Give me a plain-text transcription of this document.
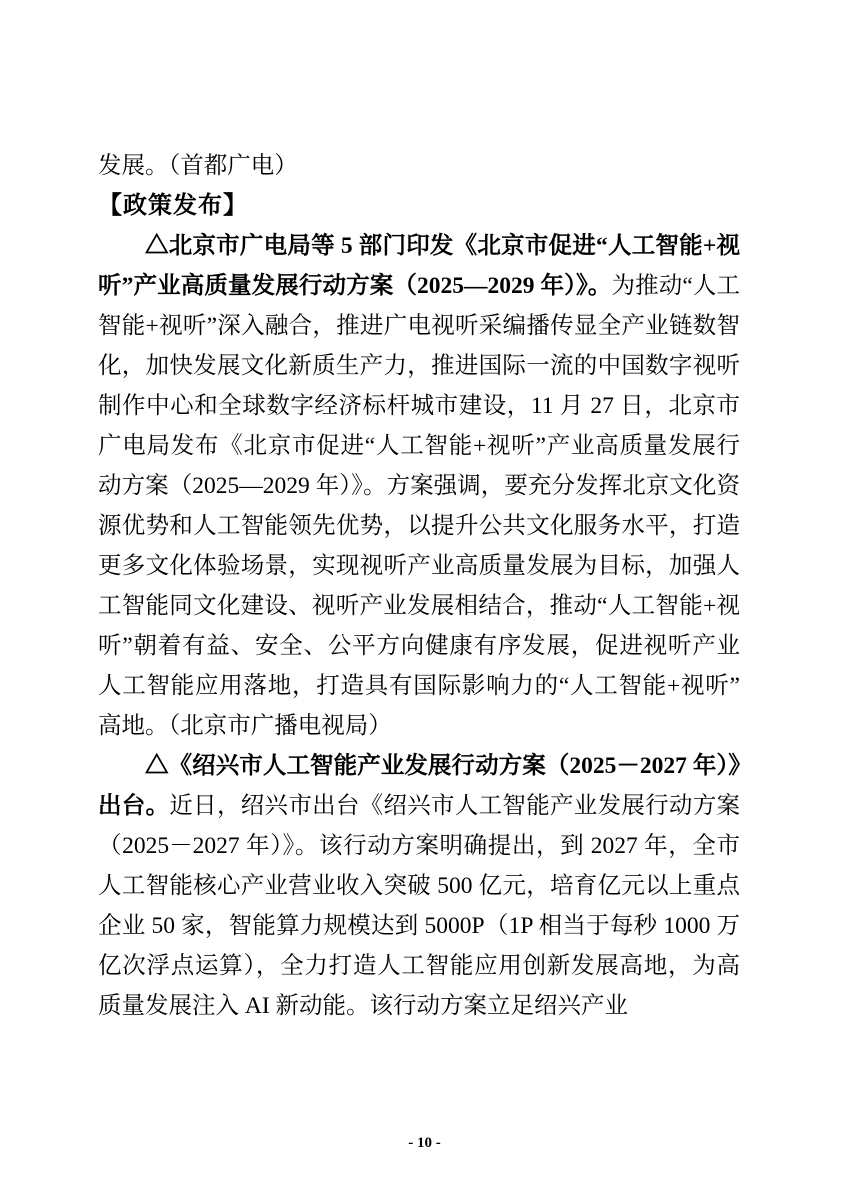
发展。（首都广电）

【政策发布】

△北京市广电局等 5 部门印发《北京市促进“人工智能+视听”产业高质量发展行动方案（2025—2029 年）》。为推动“人工智能+视听”深入融合，推进广电视听采编播传显全产业链数智化，加快发展文化新质生产力，推进国际一流的中国数字视听制作中心和全球数字经济标杆城市建设，11 月 27 日，北京市广电局发布《北京市促进“人工智能+视听”产业高质量发展行动方案（2025—2029 年）》。方案强调，要充分发挥北京文化资源优势和人工智能领先优势，以提升公共文化服务水平，打造更多文化体验场景，实现视听产业高质量发展为目标，加强人工智能同文化建设、视听产业发展相结合，推动“人工智能+视听”朝着有益、安全、公平方向健康有序发展，促进视听产业人工智能应用落地，打造具有国际影响力的“人工智能+视听”高地。（北京市广播电视局）

△《绍兴市人工智能产业发展行动方案（2025－2027 年）》出台。近日，绍兴市出台《绍兴市人工智能产业发展行动方案（2025－2027 年）》。该行动方案明确提出，到 2027 年，全市人工智能核心产业营业收入突破 500 亿元，培育亿元以上重点企业 50 家，智能算力规模达到 5000P（1P 相当于每秒 1000 万亿次浮点运算），全力打造人工智能应用创新发展高地，为高质量发展注入 AI 新动能。该行动方案立足绍兴产业

- 10 -
